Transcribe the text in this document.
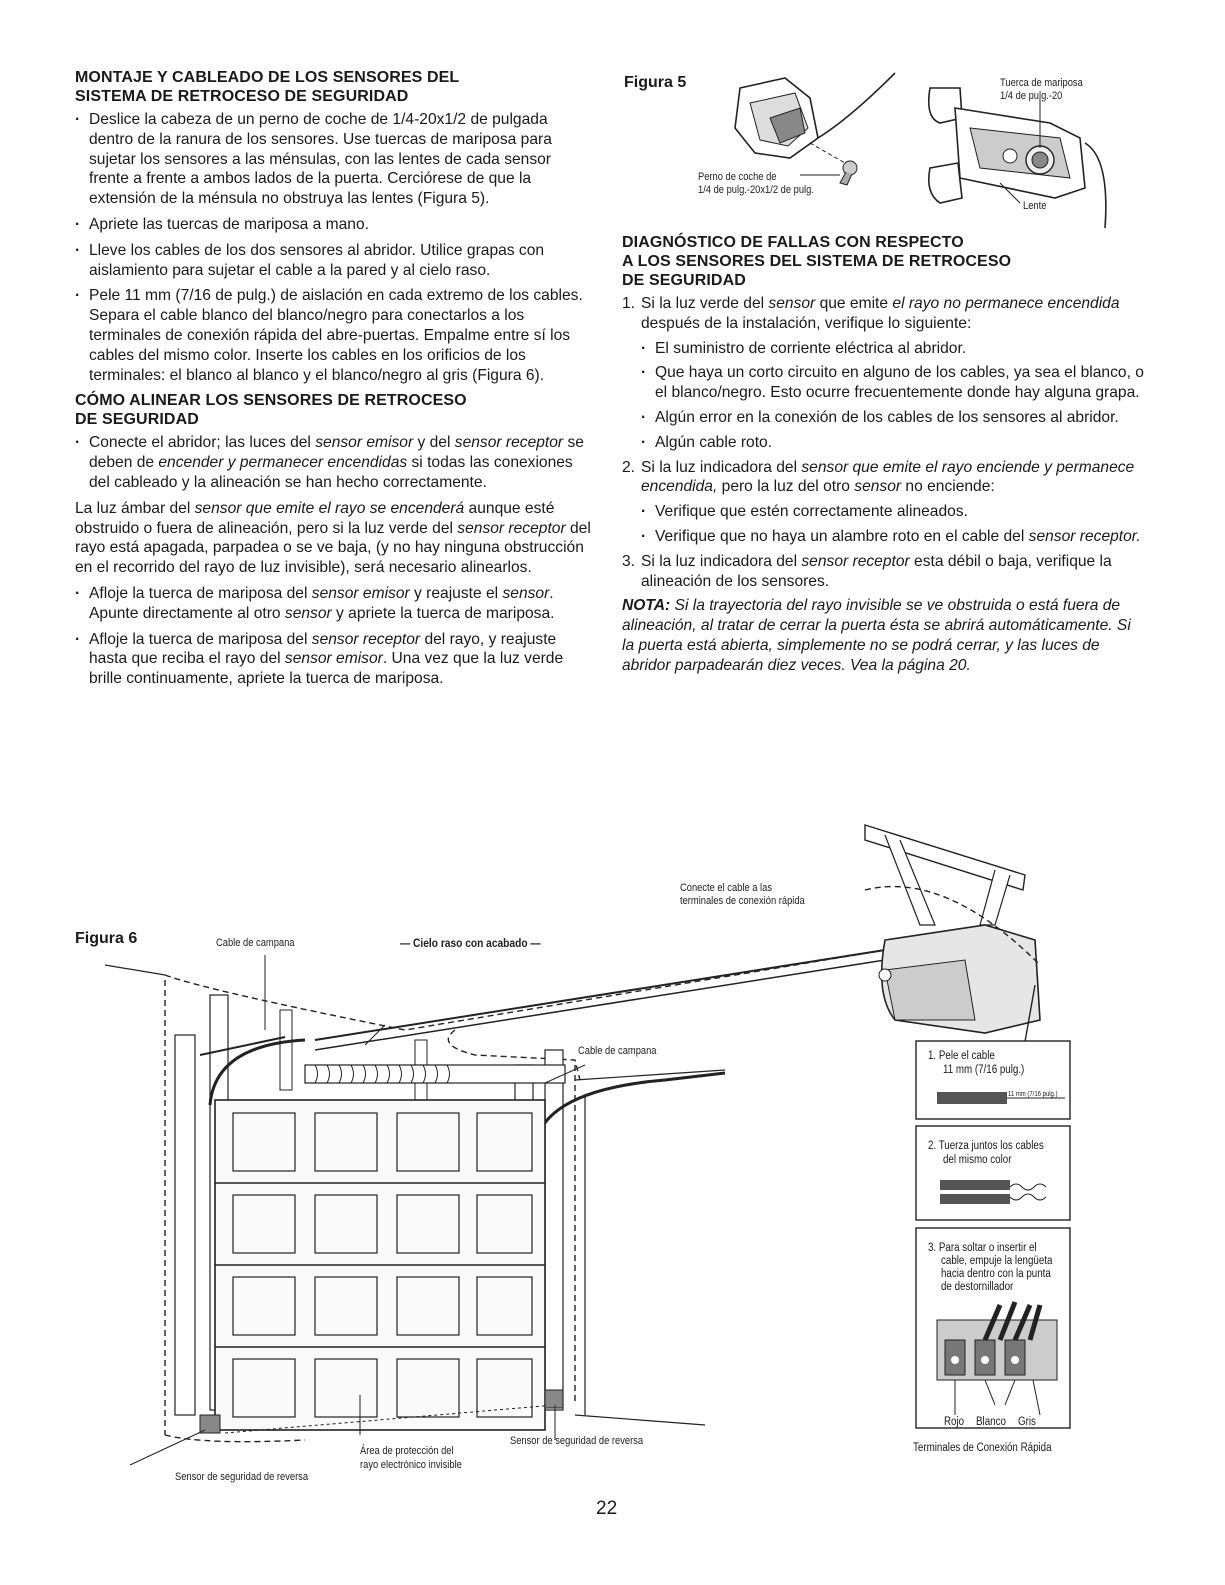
MONTAJE Y CABLEADO DE LOS SENSORES DEL
SISTEMA DE RETROCESO DE SEGURIDAD
· Deslice la cabeza de un perno de coche de 1/4-20x1/2 de pulgada dentro de la ranura de los sensores. Use tuercas de mariposa para sujetar los sensores a las ménsulas, con las lentes de cada sensor frente a frente a ambos lados de la puerta. Cerciórese de que la extensión de la ménsula no obstruya las lentes (Figura 5).
· Apriete las tuercas de mariposa a mano.
· Lleve los cables de los dos sensores al abridor. Utilice grapas con aislamiento para sujetar el cable a la pared y al cielo raso.
· Pele 11 mm (7/16 de pulg.) de aislación en cada extremo de los cables. Separa el cable blanco del blanco/negro para conectarlos a los terminales de conexión rápida del abre-puertas. Empalme entre sí los cables del mismo color. Inserte los cables en los orificios de los terminales: el blanco al blanco y el blanco/negro al gris (Figura 6).
CÓMO ALINEAR LOS SENSORES DE RETROCESO
DE SEGURIDAD
· Conecte el abridor; las luces del sensor emisor y del sensor receptor se deben de encender y permanecer encendidas si todas las conexiones del cableado y la alineación se han hecho correctamente.

La luz ámbar del sensor que emite el rayo se encenderá aunque esté obstruido o fuera de alineación, pero si la luz verde del sensor receptor del rayo está apagada, parpadea o se ve baja, (y no hay ninguna obstrucción en el recorrido del rayo de luz invisible), será necesario alinearlos.

· Afloje la tuerca de mariposa del sensor emisor y reajuste el sensor. Apunte directamente al otro sensor y apriete la tuerca de mariposa.
· Afloje la tuerca de mariposa del sensor receptor del rayo, y reajuste hasta que reciba el rayo del sensor emisor. Una vez que la luz verde brille continuamente, apriete la tuerca de mariposa.
Figura 5	Tuerca de mariposa
1/4 de pulg.-20
Perno de coche de
1/4 de pulg.-20x1/2 de pulg.
Lente
DIAGNÓSTICO DE FALLAS CON RESPECTO
A LOS SENSORES DEL SISTEMA DE RETROCESO
DE SEGURIDAD
1. Si la luz verde del sensor que emite el rayo no permanece encendida después de la instalación, verifique lo siguiente:
· El suministro de corriente eléctrica al abridor.
· Que haya un corto circuito en alguno de los cables, ya sea el blanco, o el blanco/negro. Esto ocurre frecuentemente donde hay alguna grapa.
· Algún error en la conexión de los cables de los sensores al abridor.
· Algún cable roto.
2. Si la luz indicadora del sensor que emite el rayo enciende y permanece encendida, pero la luz del otro sensor no enciende:
· Verifique que estén correctamente alineados.
· Verifique que no haya un alambre roto en el cable del sensor receptor.
3. Si la luz indicadora del sensor receptor esta débil o baja, verifique la alineación de los sensores.
NOTA: Si la trayectoria del rayo invisible se ve obstruida o está fuera de alineación, al tratar de cerrar la puerta ésta se abrirá automáticamente. Si la puerta está abierta, simplemente no se podrá cerrar, y las luces de abridor parpadearán diez veces. Vea la página 20.
Figura 6	Cable de campana	— Cielo raso con acabado —
Conecte el cable a las
terminales de conexión rápida
Cable de campana
Área de protección del
rayo electrónico invisible
Sensor de seguridad de reversa
Sensor de seguridad de reversa
1. Pele el cable
11 mm (7/16 pulg.)
11 mm (7/16 pulg.)
2. Tuerza juntos los cables
del mismo color
3. Para soltar o insertir el
cable, empuje la lengüeta
hacia dentro con la punta
de destornillador
Rojo Blanco Gris
Terminales de Conexión Rápida
22
